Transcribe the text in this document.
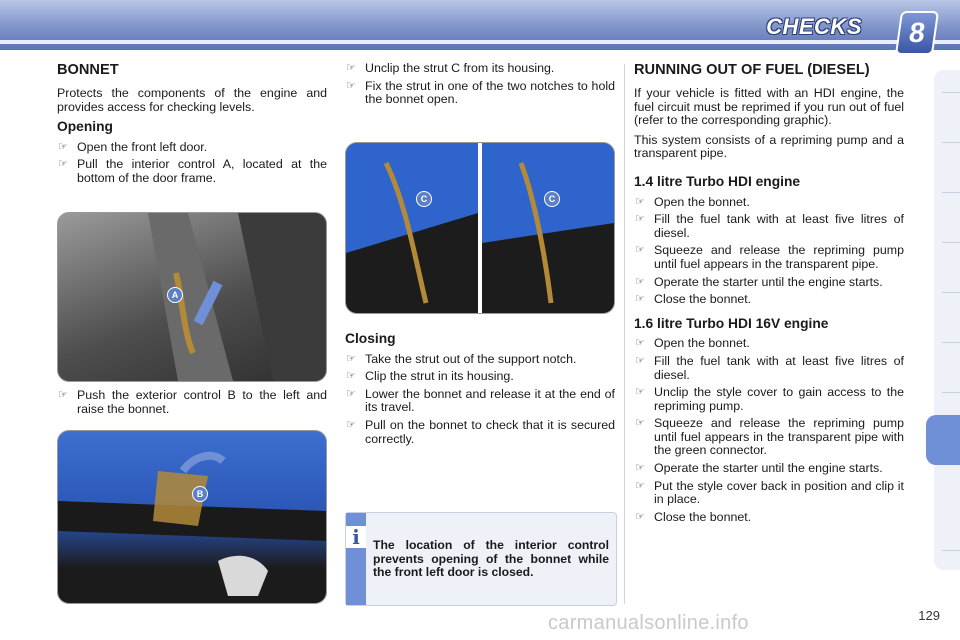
CHECKS	8
BONNET

Protects the components of the engine and provides access for checking levels.

Opening
☞ Open the front left door.
☞ Pull the interior control A, located at the bottom of the door frame.
A
☞ Push the exterior control B to the left and raise the bonnet.
B
☞ Unclip the strut C from its housing.
☞ Fix the strut in one of the two notches to hold the bonnet open.
C	C
Closing
☞ Take the strut out of the support notch.
☞ Clip the strut in its housing.
☞ Lower the bonnet and release it at the end of its travel.
☞ Pull on the bonnet to check that it is secured correctly.
i	The location of the interior control prevents opening of the bonnet while the front left door is closed.
RUNNING OUT OF FUEL (DIESEL)

If your vehicle is fitted with an HDI engine, the fuel circuit must be reprimed if you run out of fuel (refer to the corresponding graphic).

This system consists of a repriming pump and a transparent pipe.

1.4 litre Turbo HDI engine
☞ Open the bonnet.
☞ Fill the fuel tank with at least five litres of diesel.
☞ Squeeze and release the repriming pump until fuel appears in the transparent pipe.
☞ Operate the starter until the engine starts.
☞ Close the bonnet.
1.6 litre Turbo HDI 16V engine
☞ Open the bonnet.
☞ Fill the fuel tank with at least five litres of diesel.
☞ Unclip the style cover to gain access to the repriming pump.
☞ Squeeze and release the repriming pump until fuel appears in the transparent pipe with the green connector.
☞ Operate the starter until the engine starts.
☞ Put the style cover back in position and clip it in place.
☞ Close the bonnet.
carmanualsonline.info	129
